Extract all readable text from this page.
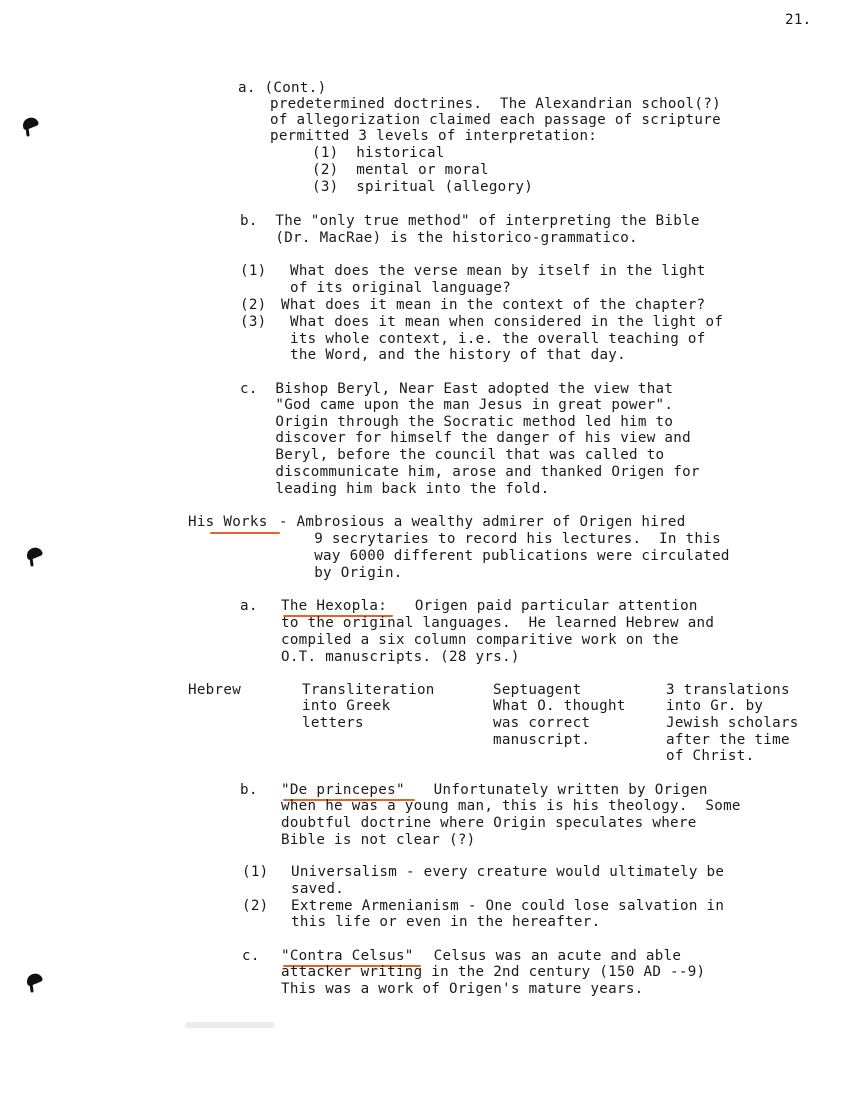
21.
a. (Cont.)
predetermined doctrines.  The Alexandrian school(?)
of allegorization claimed each passage of scripture
permitted 3 levels of interpretation:
(1)  historical
(2)  mental or moral
(3)  spiritual (allegory)
b.  The "only true method" of interpreting the Bible
(Dr. MacRae) is the historico-grammatico.
(1) What does the verse mean by itself in the light
of its original language?
(2) What does it mean in the context of the chapter?
(3) What does it mean when considered in the light of
its whole context, i.e. the overall teaching of
the Word, and the history of that day.
c.  Bishop Beryl, Near East adopted the view that
"God came upon the man Jesus in great power".
Origin through the Socratic method led him to
discover for himself the danger of his view and
Beryl, before the council that was called to
discommunicate him, arose and thanked Origen for
leading him back into the fold.
His Works - Ambrosious a wealthy admirer of Origen hired
9 secrytaries to record his lectures.  In this
way 6000 different publications were circulated
by Origin.
a. The Hexopla: Origen paid particular attention
to the original languages.  He learned Hebrew and
compiled a six column comparitive work on the
O.T. manuscripts. (28 yrs.)
Hebrew	Transliteration
into Greek
letters
Septuagent
What O. thought
was correct
manuscript.
3 translations
into Gr. by
Jewish scholars
after the time
of Christ.
b. "De princepes" Unfortunately written by Origen
when he was a young man, this is his theology.  Some
doubtful doctrine where Origin speculates where
Bible is not clear (?)
(1) Universalism - every creature would ultimately be
saved.
(2) Extreme Armenianism - One could lose salvation in
this life or even in the hereafter.
c. "Contra Celsus" Celsus was an acute and able
attacker writing in the 2nd century (150 AD --9)
This was a work of Origen's mature years.
